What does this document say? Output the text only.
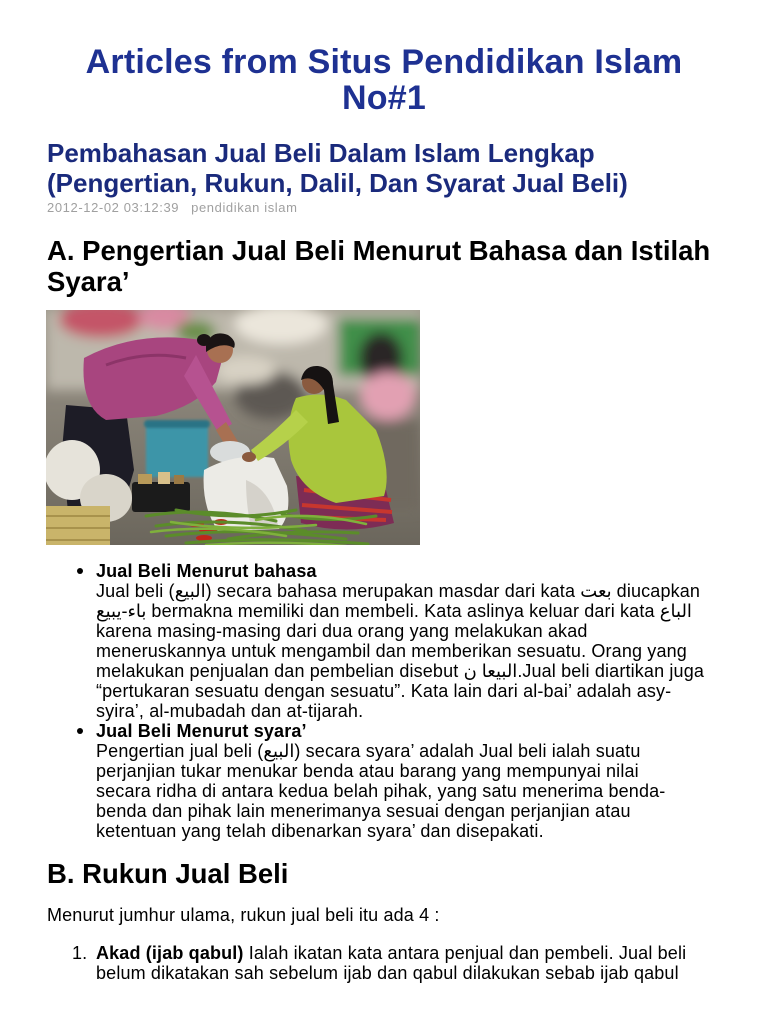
Articles from Situs Pendidikan Islam No#1
Pembahasan Jual Beli Dalam Islam Lengkap (Pengertian, Rukun, Dalil, Dan Syarat Jual Beli)
2012-12-02 03:12:39 pendidikan islam
A. Pengertian Jual Beli Menurut Bahasa dan Istilah Syara’
Jual Beli Menurut bahasa
Jual beli (البيع) secara bahasa merupakan masdar dari kata بعت diucapkan
باء-يبيع bermakna memiliki dan membeli. Kata aslinya keluar dari kata الباع
karena masing-masing dari dua orang yang melakukan akad
meneruskannya untuk mengambil dan memberikan sesuatu. Orang yang
melakukan penjualan dan pembelian disebut البيعا ن.Jual beli diartikan juga
“pertukaran sesuatu dengan sesuatu”. Kata lain dari al-bai’ adalah asy-
syira’, al-mubadah dan at-tijarah.
Jual Beli Menurut syara’
Pengertian jual beli (البيع) secara syara’ adalah Jual beli ialah suatu
perjanjian tukar menukar benda atau barang yang mempunyai nilai
secara ridha di antara kedua belah pihak, yang satu menerima benda-
benda dan pihak lain menerimanya sesuai dengan perjanjian atau
ketentuan yang telah dibenarkan syara’ dan disepakati.
B. Rukun Jual Beli
Menurut jumhur ulama, rukun jual beli itu ada 4 :
1. Akad (ijab qabul) Ialah ikatan kata antara penjual dan pembeli. Jual beli
belum dikatakan sah sebelum ijab dan qabul dilakukan sebab ijab qabul
